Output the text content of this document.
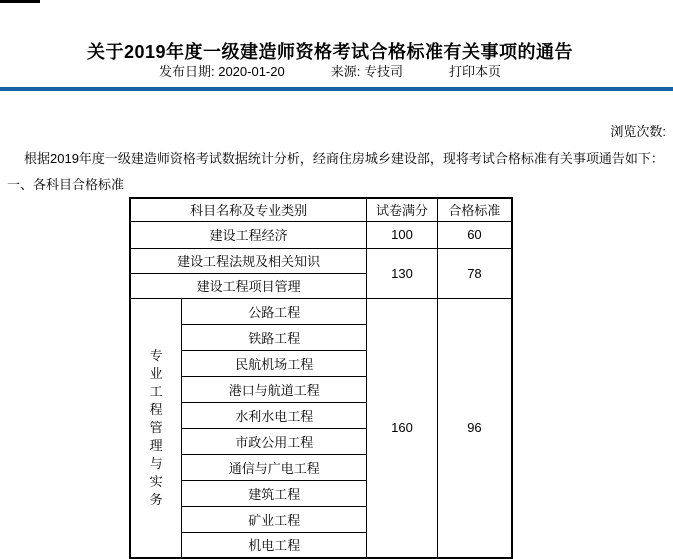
关于2019年度一级建造师资格考试合格标准有关事项的通告
发布日期: 2020-01-20	来源: 专技司	打印本页
浏览次数:

根据2019年度一级建造师资格考试数据统计分析，经商住房城乡建设部，现将考试合格标准有关事项通告如下：

一、各科目合格标准

科目名称及专业类别		试卷满分	合格标准
建设工程经济		100	60
建设工程法规及相关知识		130	78
建设工程项目管理			

专业工程管理与实务	公路工程	160	96
	铁路工程		
	民航机场工程		
	港口与航道工程		
	水利水电工程		
	市政公用工程		
	通信与广电工程		
	建筑工程		
	矿业工程		
	机电工程		
